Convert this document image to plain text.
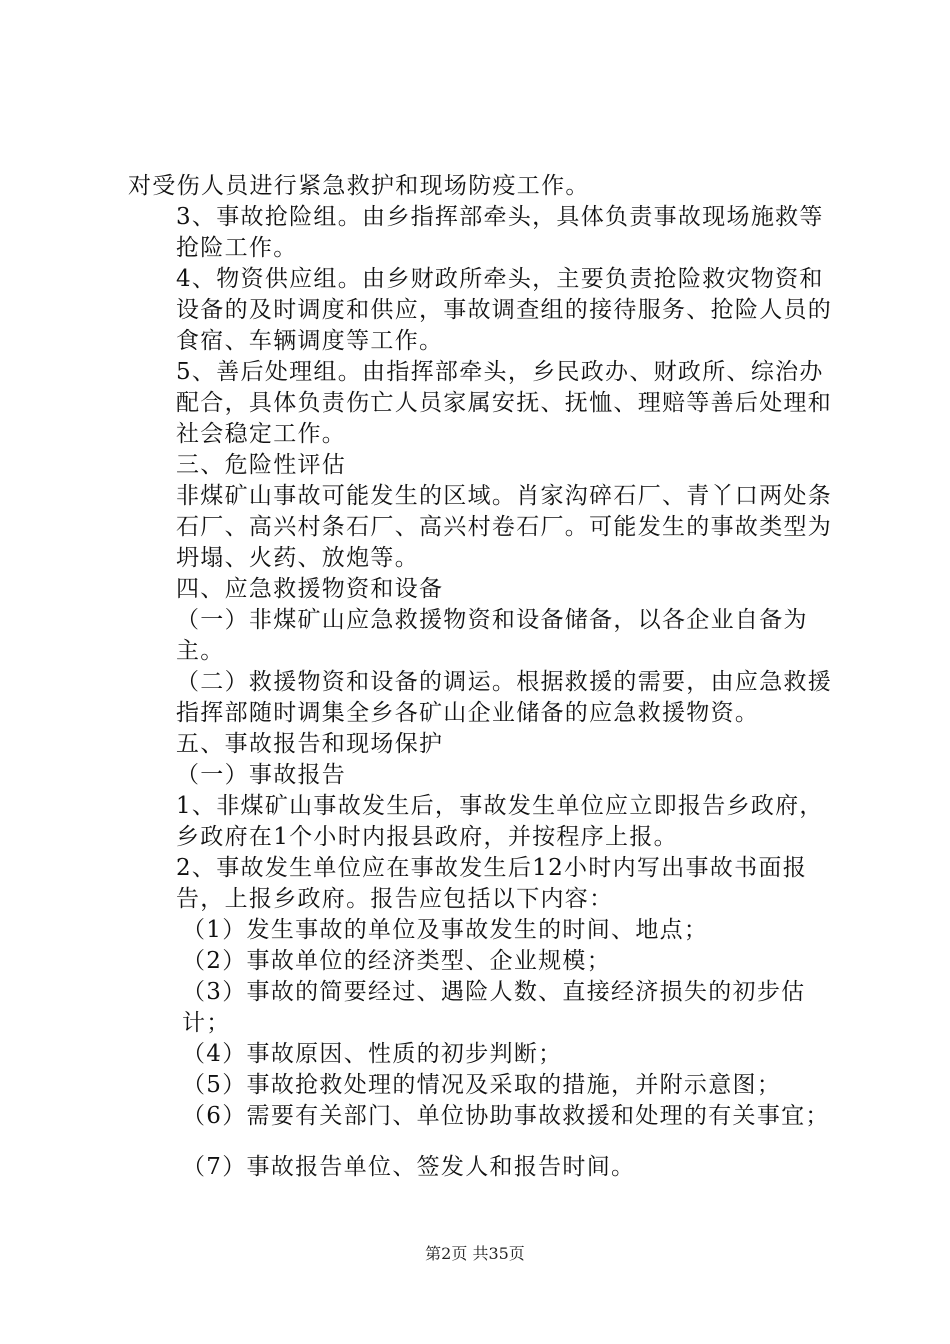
对受伤人员进行紧急救护和现场防疫工作。

3、事故抢险组。由乡指挥部牵头，具体负责事故现场施救等抢险工作。

4、物资供应组。由乡财政所牵头，主要负责抢险救灾物资和设备的及时调度和供应，事故调查组的接待服务、抢险人员的食宿、车辆调度等工作。

5、善后处理组。由指挥部牵头，乡民政办、财政所、综治办配合，具体负责伤亡人员家属安抚、抚恤、理赔等善后处理和社会稳定工作。

三、危险性评估

非煤矿山事故可能发生的区域。肖家沟碎石厂、青丫口两处条石厂、高兴村条石厂、高兴村卷石厂。可能发生的事故类型为坍塌、火药、放炮等。

四、应急救援物资和设备

（一）非煤矿山应急救援物资和设备储备，以各企业自备为主。

（二）救援物资和设备的调运。根据救援的需要，由应急救援指挥部随时调集全乡各矿山企业储备的应急救援物资。

五、事故报告和现场保护

（一）事故报告

1、非煤矿山事故发生后，事故发生单位应立即报告乡政府，乡政府在1个小时内报县政府，并按程序上报。

2、事故发生单位应在事故发生后12小时内写出事故书面报告，上报乡政府。报告应包括以下内容：

（1）发生事故的单位及事故发生的时间、地点；

（2）事故单位的经济类型、企业规模；

（3）事故的简要经过、遇险人数、直接经济损失的初步估计；

（4）事故原因、性质的初步判断；

（5）事故抢救处理的情况及采取的措施，并附示意图；

（6）需要有关部门、单位协助事故救援和处理的有关事宜；

（7）事故报告单位、签发人和报告时间。

第2页 共35页
